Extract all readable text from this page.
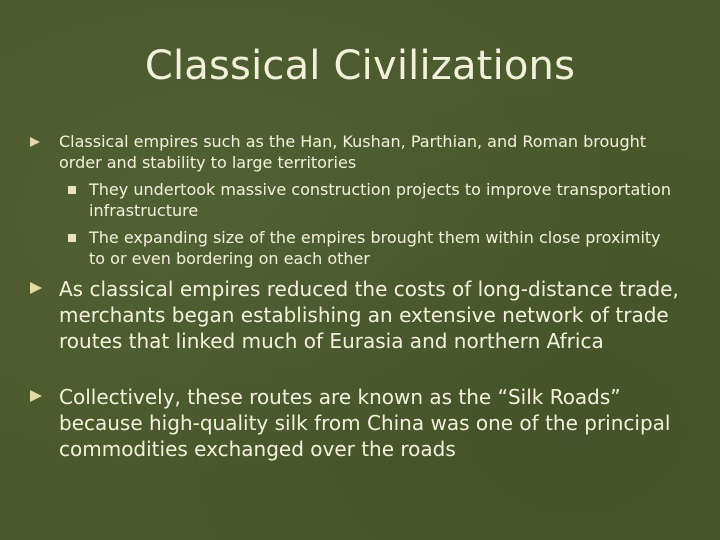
Classical Civilizations
Classical empires such as the Han, Kushan, Parthian, and Roman brought order and stability to large territories
They undertook massive construction projects to improve transportation infrastructure
The expanding size of the empires brought them within close proximity to or even bordering on each other
As classical empires reduced the costs of long-distance trade, merchants began establishing an extensive network of trade routes that linked much of Eurasia and northern Africa
Collectively, these routes are known as the “Silk Roads” because high-quality silk from China was one of the principal commodities exchanged over the roads
